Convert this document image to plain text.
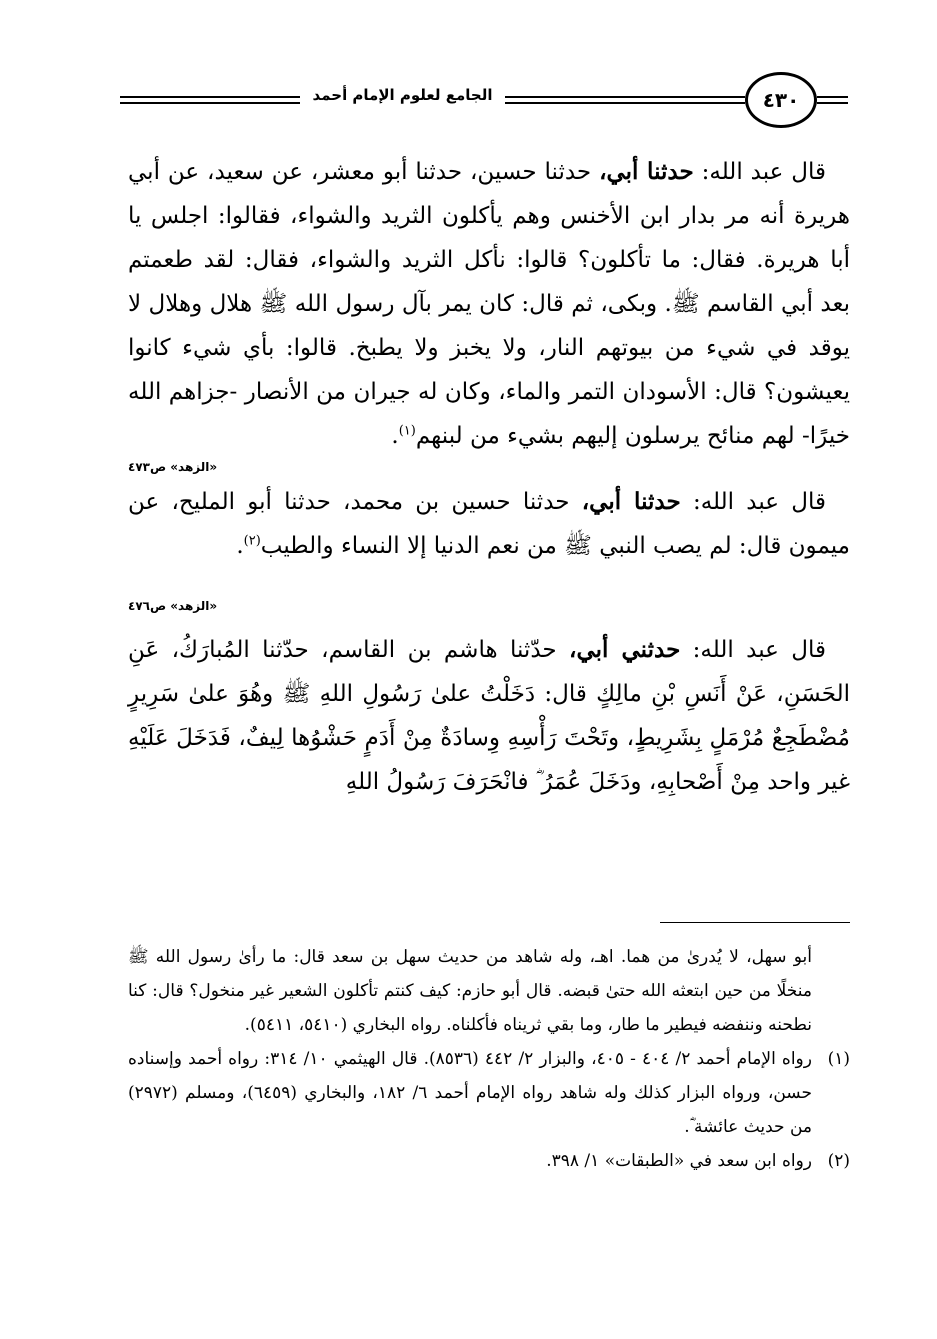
الجامع لعلوم الإمام أحمد	٤٣٠

قال عبد الله: حدثنا أبي، حدثنا حسين، حدثنا أبو معشر، عن سعيد، عن أبي هريرة أنه مر بدار ابن الأخنس وهم يأكلون الثريد والشواء، فقالوا: اجلس يا أبا هريرة. فقال: ما تأكلون؟ قالوا: نأكل الثريد والشواء، فقال: لقد طعمتم بعد أبي القاسم ﷺ. وبكى، ثم قال: كان يمر بآل رسول الله ﷺ هلال وهلال لا يوقد في شيء من بيوتهم النار، ولا يخبز ولا يطبخ. قالوا: بأي شيء كانوا يعيشون؟ قال: الأسودان التمر والماء، وكان له جيران من الأنصار -جزاهم الله خيرًا- لهم منائح يرسلون إليهم بشيء من لبنهم$^{(١)}$.

«الزهد» ص٤٧٣

قال عبد الله: حدثنا أبي، حدثنا حسين بن محمد، حدثنا أبو المليح، عن ميمون قال: لم يصب النبي ﷺ من نعم الدنيا إلا النساء والطيب$^{(٢)}$.
«الزهد» ص٤٧٦

قال عبد الله: حدثني أبي، حدّثنا هاشم بن القاسم، حدّثنا المُبارَكُ، عَنِ الحَسَنِ، عَنْ أَنَسِ بْنِ مالِكٍ قال: دَخَلْتُ علىٰ رَسُولِ اللهِ ﷺ وهُوَ علىٰ سَرِيرٍ مُضْطَجِعٌ مُرْمَلٍ بِشَرِيطٍ، وتَحْتَ رَأْسِهِ وِسادَةٌ مِنْ أَدَمٍ حَشْوُها لِيفٌ، فَدَخَلَ عَلَيْهِ غير واحد مِنْ أَصْحابِهِ، ودَخَلَ عُمَرُ ؓ فانْحَرَفَ رَسُولُ اللهِ

أبو سهل، لا يُدرىٰ من هما. اهـ، وله شاهد من حديث سهل بن سعد قال: ما رأىٰ رسول الله ﷺ منخلًا من حين ابتعثه الله حتىٰ قبضه. قال أبو حازم: كيف كنتم تأكلون الشعير غير منخول؟ قال: كنا نطحنه وننفضه فيطير ما طار، وما بقي ثريناه فأكلناه. رواه البخاري (٥٤١٠، ٥٤١١).

(١)
رواه الإمام أحمد ٢/ ٤٠٤ - ٤٠٥، والبزار ٢/ ٤٤٢ (٨٥٣٦). قال الهيثمي ١٠/ ٣١٤: رواه أحمد وإسناده حسن، ورواه البزار كذلك وله شاهد رواه الإمام أحمد ٦/ ١٨٢، والبخاري (٦٤٥٩)، ومسلم (٢٩٧٢) من حديث عائشة ؓ.
(٢)
رواه ابن سعد في «الطبقات» ١/ ٣٩٨.
